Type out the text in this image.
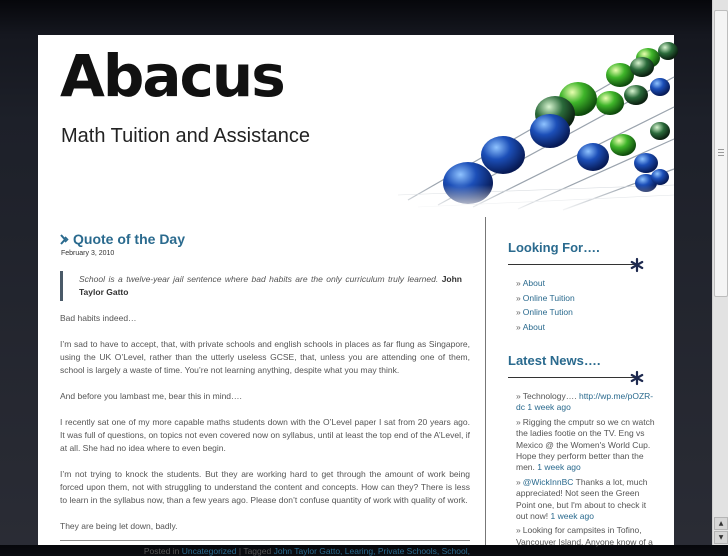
Abacus
Math Tuition and Assistance
Quote of the Day
February 3, 2010
School is a twelve-year jail sentence where bad habits are the only curriculum truly learned. John Taylor Gatto

Bad habits indeed…

I’m sad to have to accept, that, with private schools and english schools in places as far flung as Singapore, using the UK O’Level, rather than the utterly useless GCSE, that, unless you are attending one of them, school is largely a waste of time. You’re not learning anything, despite what you may think.

And before you lambast me, bear this in mind….

I recently sat one of my more capable maths students down with the O’Level paper I sat from 20 years ago. It was full of questions, on topics not even covered now on syllabus, until at least the top end of the A’Level, if at all. She had no idea where to even begin.

I’m not trying to knock the students. But they are working hard to get through the amount of work being forced upon them, not with struggling to understand the content and concepts. How can they? There is less to learn in the syllabus now, than a few years ago. Please don’t confuse quantity of work with quality of work.

They are being let down, badly.

Posted in Uncategorized | Tagged John Taylor Gatto, Learing, Private Schools, School,
Looking For….
» About
» Online Tuition
» Online Tution
» About
Latest News….
» Technology…. http://wp.me/pOZR-dc 1 week ago
» Rigging the cmputr so we cn watch the ladies footie on the TV. Eng vs Mexico @ the Women's World Cup. Hope they perform better than the men. 1 week ago
» @WickInnBC Thanks a lot, much appreciated! Not seen the Green Point one, but I'm about to check it out now! 1 week ago
» Looking for campsites in Tofino, Vancouver Island. Anyone know of a
▲
▼
